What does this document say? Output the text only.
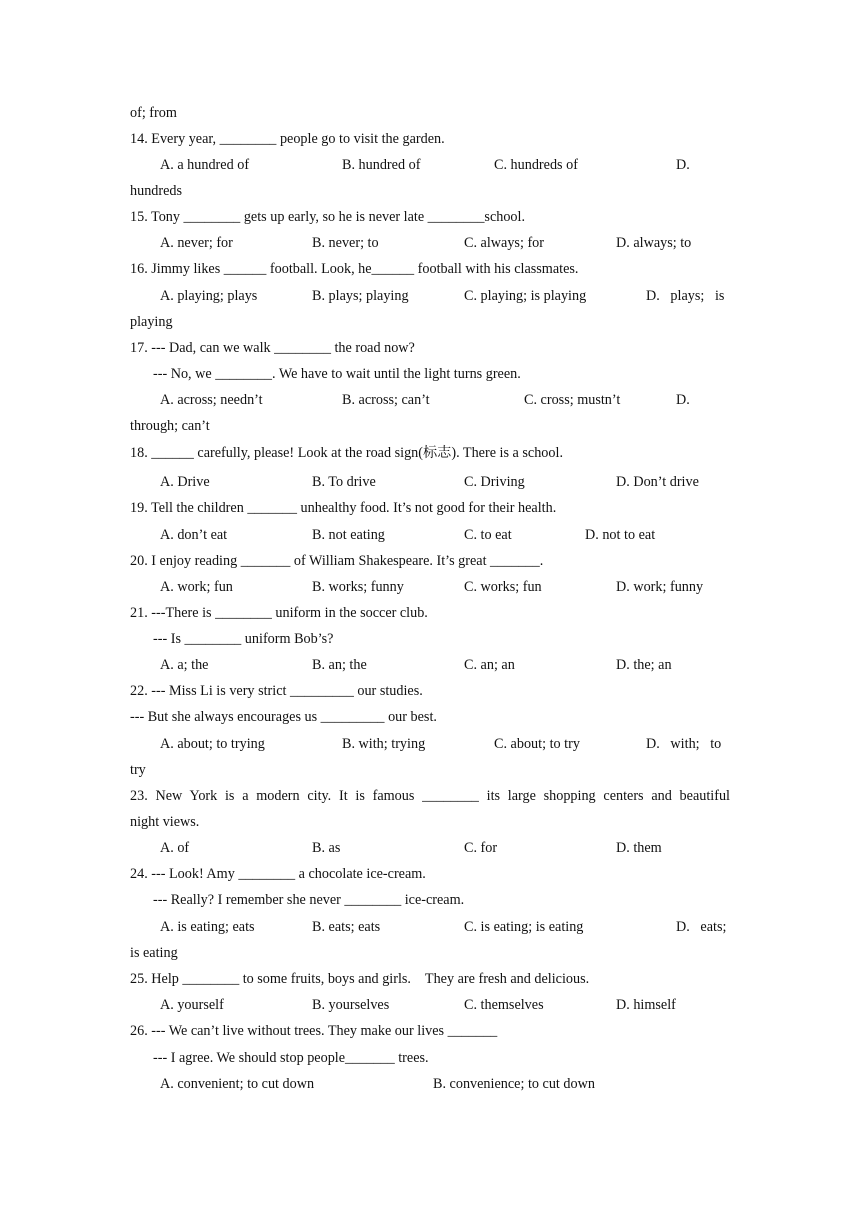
of; from
14. Every year, ________ people go to visit the garden.
A. a hundred of	B. hundred of	C. hundreds of	D.
hundreds
15. Tony ________ gets up early, so he is never late ________school.
A. never; for	B. never; to	C. always; for	D. always; to
16. Jimmy likes ______ football. Look, he______ football with his classmates.
A. playing; plays	B. plays; playing	C. playing; is playing	D.   plays;   is
playing
17. --- Dad, can we walk ________ the road now?
--- No, we ________. We have to wait until the light turns green.
A. across; needn’t	B. across; can’t	C. cross; mustn’t	D.
through; can’t
18. ______ carefully, please! Look at the road sign(标志). There is a school.
A. Drive	B. To drive	C. Driving	D. Don’t drive
19. Tell the children _______ unhealthy food. It’s not good for their health.
A. don’t eat	B. not eating	C. to eat	D. not to eat
20. I enjoy reading _______ of William Shakespeare. It’s great _______.
A. work; fun	B. works; funny	C. works; fun	D. work; funny
21. ---There is ________ uniform in the soccer club.
--- Is ________ uniform Bob’s?
A. a; the	B. an; the	C. an; an	D. the; an
22. --- Miss Li is very strict _________ our studies.
--- But she always encourages us _________ our best.
A. about; to trying	B. with; trying	C. about; to try	D.   with;   to
try
23. New York is a modern city. It is famous ________ its large shopping centers and beautiful
night views.
A. of	B. as	C. for	D. them
24. --- Look! Amy ________ a chocolate ice-cream.
--- Really? I remember she never ________ ice-cream.
A. is eating; eats	B. eats; eats	C. is eating; is eating	D.   eats;
is eating
25. Help ________ to some fruits, boys and girls.    They are fresh and delicious.
A. yourself	B. yourselves	C. themselves	D. himself
26. --- We can’t live without trees. They make our lives _______
--- I agree. We should stop people_______ trees.
A. convenient; to cut down	B. convenience; to cut down
